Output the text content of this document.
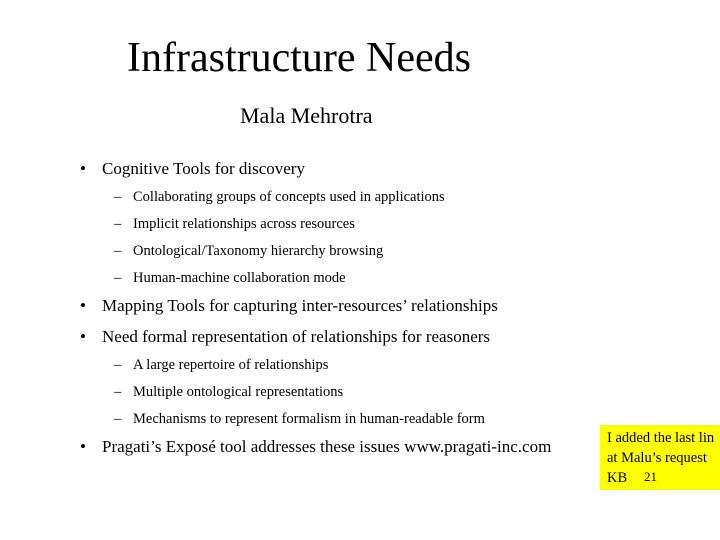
Infrastructure Needs
Mala Mehrotra
• Cognitive Tools for discovery
– Collaborating groups of concepts used in applications
– Implicit relationships across resources
– Ontological/Taxonomy hierarchy browsing
– Human-machine collaboration mode
• Mapping Tools for capturing inter-resources’ relationships
• Need formal representation of relationships for reasoners
– A large repertoire of relationships
– Multiple ontological representations
– Mechanisms to represent formalism in human-readable form
• Pragati’s Exposé tool addresses these issues www.pragati-inc.com	I added the last lin
at Malu’s request
KB	21
